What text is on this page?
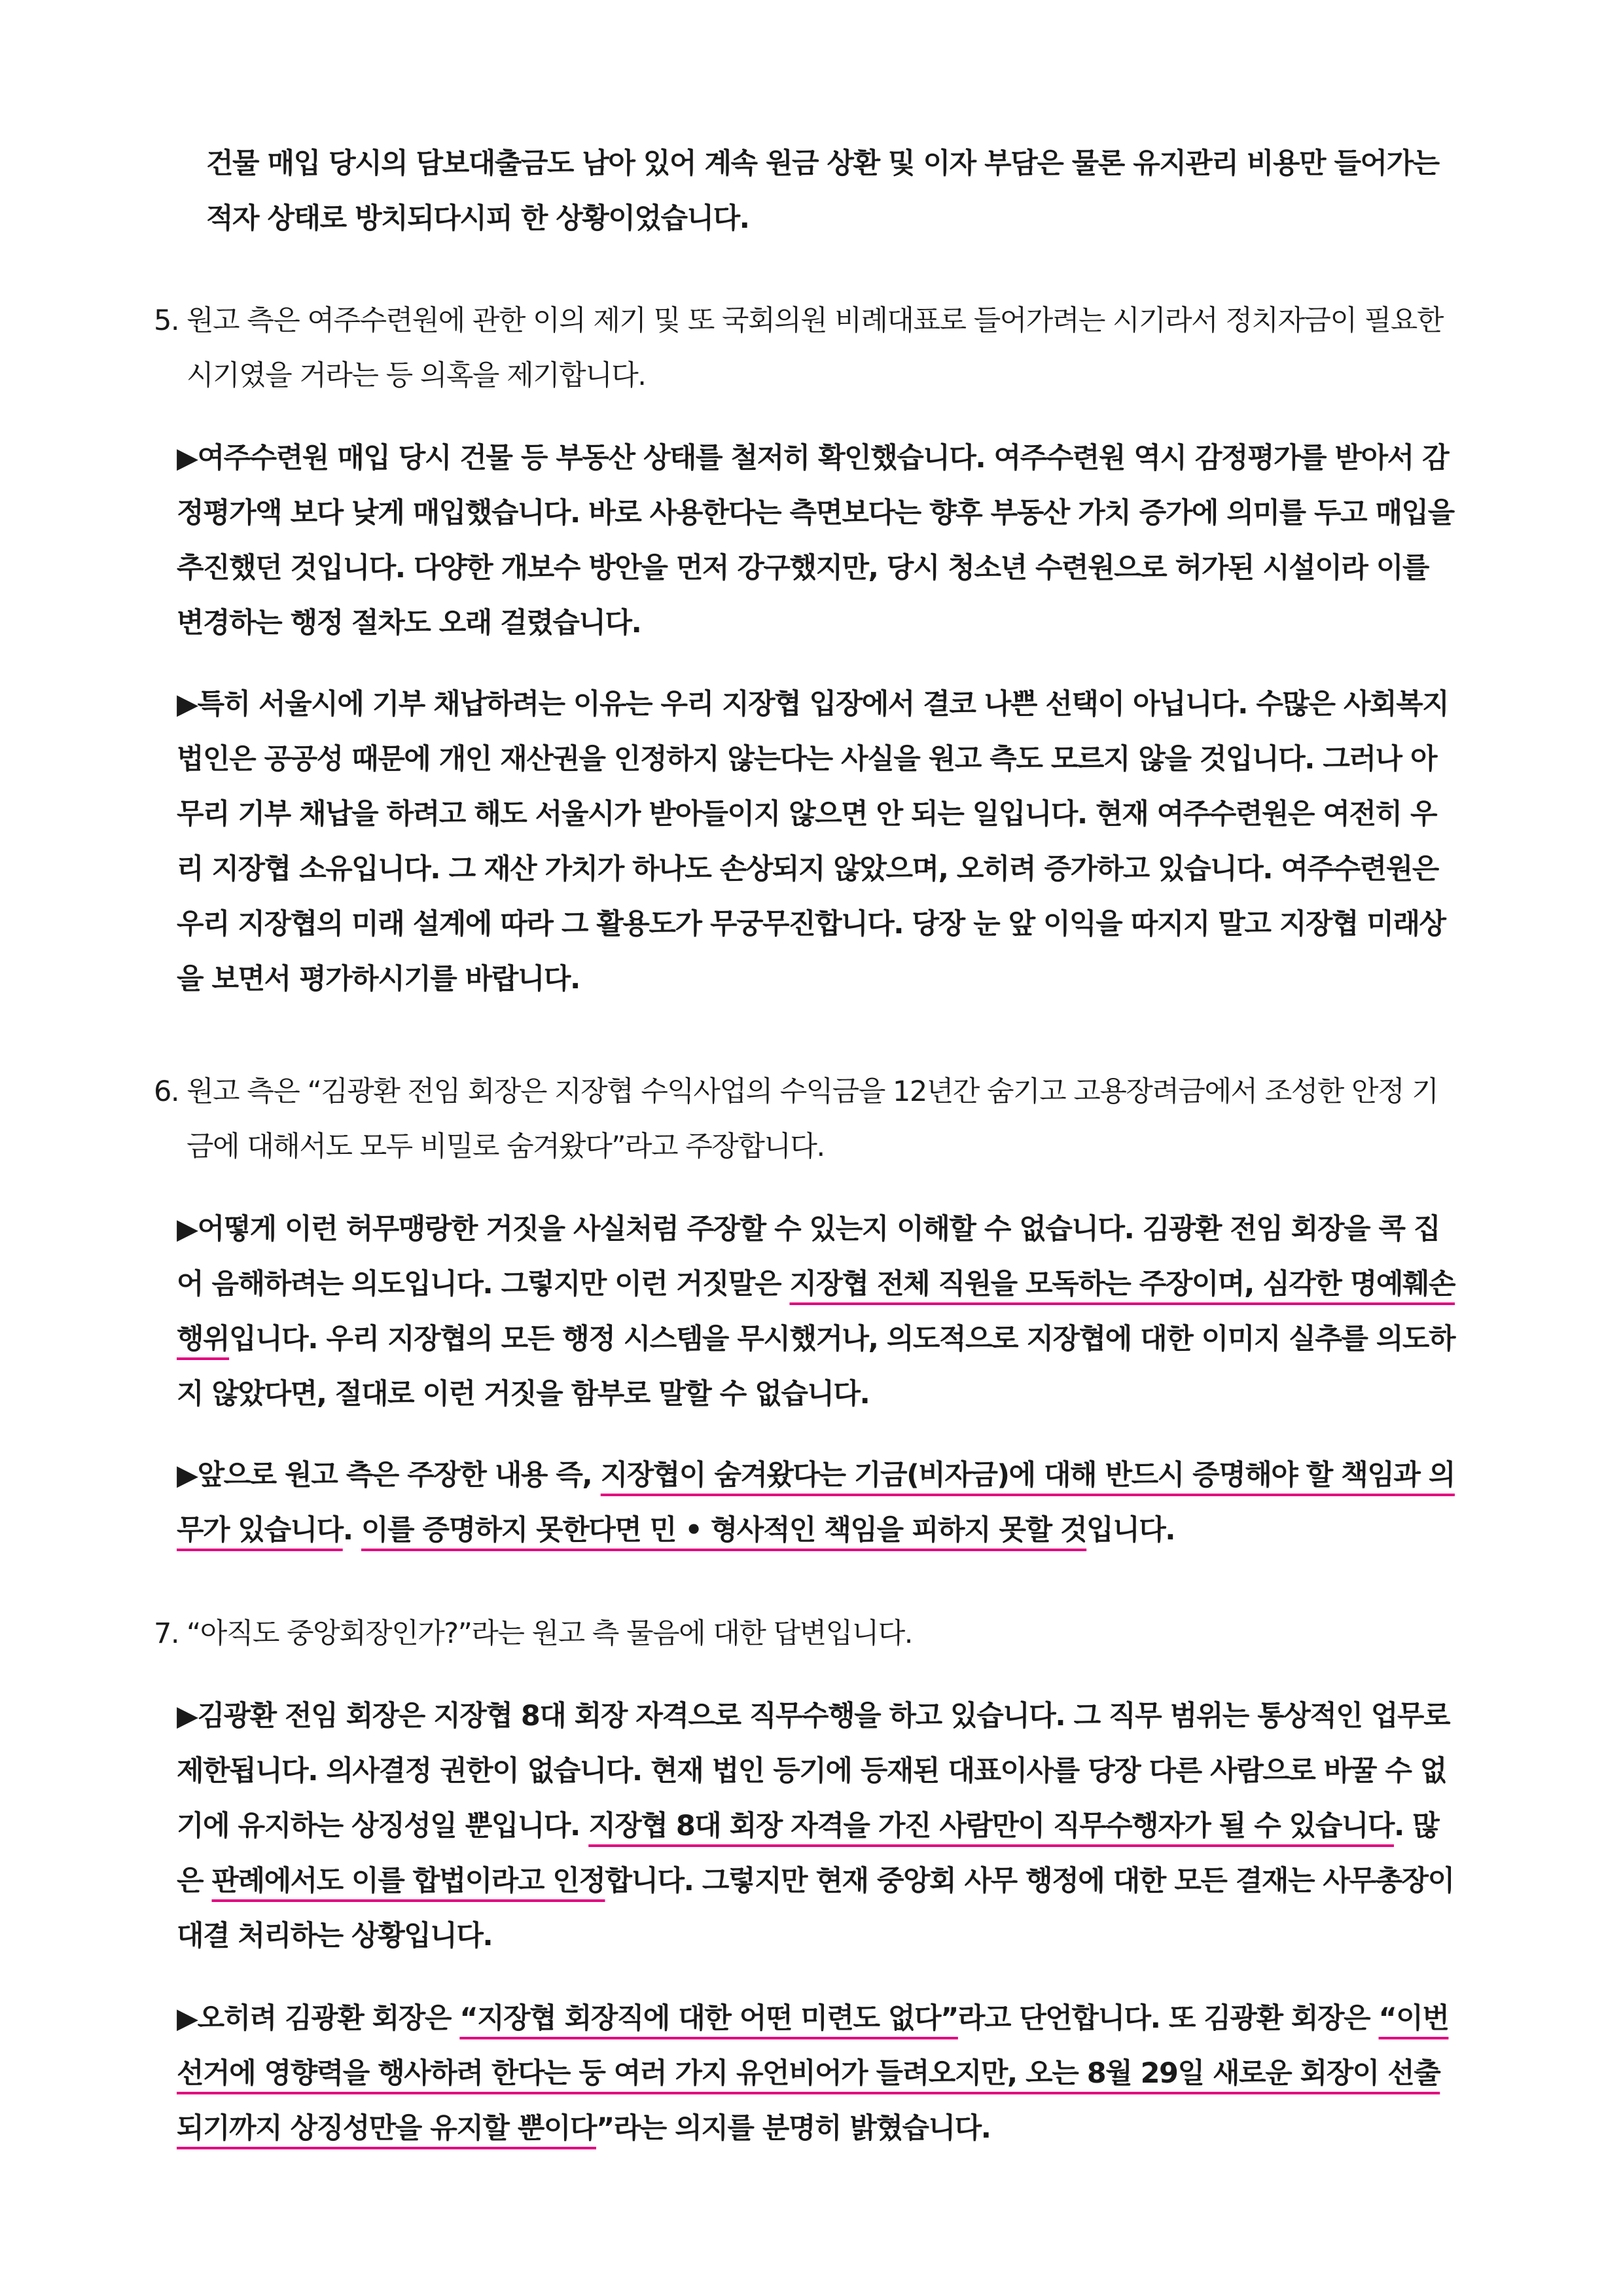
건물 매입 당시의 담보대출금도 남아 있어 계속 원금 상환 및 이자 부담은 물론 유지관리 비용만 들어가는 적자 상태로 방치되다시피 한 상황이었습니다.

5. 원고 측은 여주수련원에 관한 이의 제기 및 또 국회의원 비례대표로 들어가려는 시기라서 정치자금이 필요한 시기였을 거라는 등 의혹을 제기합니다.

▶여주수련원 매입 당시 건물 등 부동산 상태를 철저히 확인했습니다. 여주수련원 역시 감정평가를 받아서 감정평가액 보다 낮게 매입했습니다. 바로 사용한다는 측면보다는 향후 부동산 가치 증가에 의미를 두고 매입을 추진했던 것입니다. 다양한 개보수 방안을 먼저 강구했지만, 당시 청소년 수련원으로 허가된 시설이라 이를 변경하는 행정 절차도 오래 걸렸습니다.

▶특히 서울시에 기부 채납하려는 이유는 우리 지장협 입장에서 결코 나쁜 선택이 아닙니다. 수많은 사회복지 법인은 공공성 때문에 개인 재산권을 인정하지 않는다는 사실을 원고 측도 모르지 않을 것입니다. 그러나 아무리 기부 채납을 하려고 해도 서울시가 받아들이지 않으면 안 되는 일입니다. 현재 여주수련원은 여전히 우리 지장협 소유입니다. 그 재산 가치가 하나도 손상되지 않았으며, 오히려 증가하고 있습니다. 여주수련원은 우리 지장협의 미래 설계에 따라 그 활용도가 무궁무진합니다. 당장 눈 앞 이익을 따지지 말고 지장협 미래상을 보면서 평가하시기를 바랍니다.

6. 원고 측은 “김광환 전임 회장은 지장협 수익사업의 수익금을 12년간 숨기고 고용장려금에서 조성한 안정 기금에 대해서도 모두 비밀로 숨겨왔다”라고 주장합니다.

▶어떻게 이런 허무맹랑한 거짓을 사실처럼 주장할 수 있는지 이해할 수 없습니다. 김광환 전임 회장을 콕 집어 음해하려는 의도입니다. 그렇지만 이런 거짓말은 지장협 전체 직원을 모독하는 주장이며, 심각한 명예훼손 행위입니다. 우리 지장협의 모든 행정 시스템을 무시했거나, 의도적으로 지장협에 대한 이미지 실추를 의도하지 않았다면, 절대로 이런 거짓을 함부로 말할 수 없습니다.

▶앞으로 원고 측은 주장한 내용 즉, 지장협이 숨겨왔다는 기금(비자금)에 대해 반드시 증명해야 할 책임과 의무가 있습니다. 이를 증명하지 못한다면 민 • 형사적인 책임을 피하지 못할 것입니다.

7. “아직도 중앙회장인가?”라는 원고 측 물음에 대한 답변입니다.

▶김광환 전임 회장은 지장협 8대 회장 자격으로 직무수행을 하고 있습니다. 그 직무 범위는 통상적인 업무로 제한됩니다. 의사결정 권한이 없습니다. 현재 법인 등기에 등재된 대표이사를 당장 다른 사람으로 바꿀 수 없기에 유지하는 상징성일 뿐입니다. 지장협 8대 회장 자격을 가진 사람만이 직무수행자가 될 수 있습니다. 많은 판례에서도 이를 합법이라고 인정합니다. 그렇지만 현재 중앙회 사무 행정에 대한 모든 결재는 사무총장이 대결 처리하는 상황입니다.

▶오히려 김광환 회장은 “지장협 회장직에 대한 어떤 미련도 없다”라고 단언합니다. 또 김광환 회장은 “이번 선거에 영향력을 행사하려 한다는 둥 여러 가지 유언비어가 들려오지만, 오는 8월 29일 새로운 회장이 선출되기까지 상징성만을 유지할 뿐이다”라는 의지를 분명히 밝혔습니다.
